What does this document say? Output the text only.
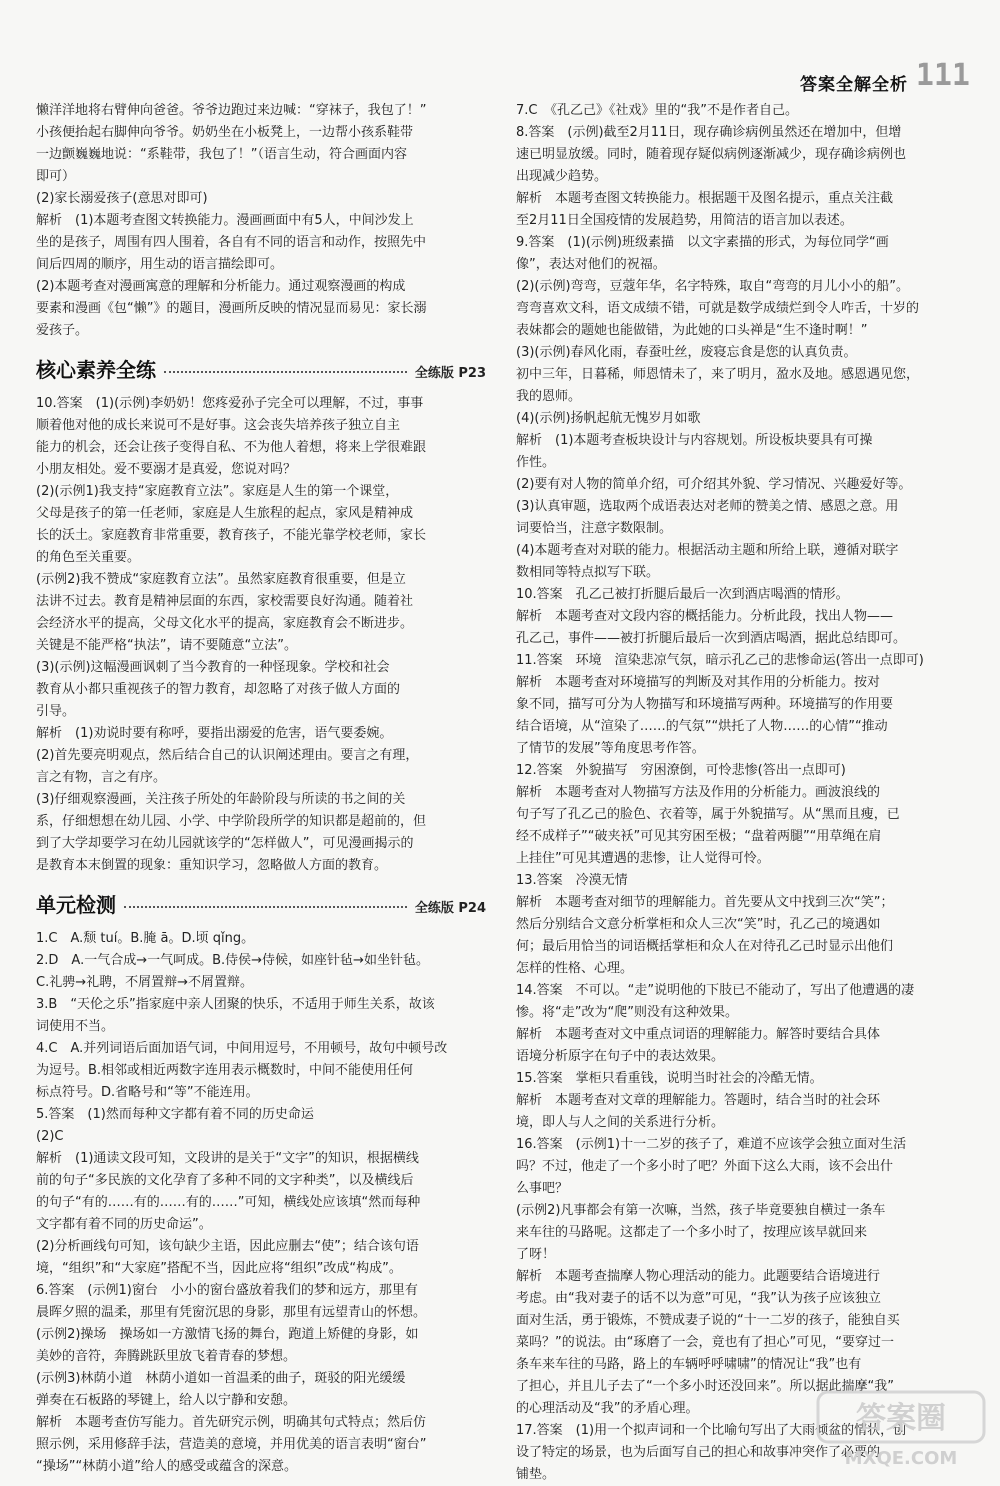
答案全解全析 111

懒洋洋地将右臂伸向爸爸。爷爷边跑过来边喊：“穿袜子，我包了！”

小孩便抬起右脚伸向爷爷。奶奶坐在小板凳上，一边帮小孩系鞋带

一边颤巍巍地说：“系鞋带，我包了！”（语言生动，符合画面内容

即可）

(2)家长溺爱孩子(意思对即可)

解析　(1)本题考查图文转换能力。漫画画面中有5人，中间沙发上

坐的是孩子，周围有四人围着，各自有不同的语言和动作，按照先中

间后四周的顺序，用生动的语言描绘即可。

(2)本题考查对漫画寓意的理解和分析能力。通过观察漫画的构成

要素和漫画《包“懒”》的题目，漫画所反映的情况显而易见：家长溺

爱孩子。

核心素养全练	全练版 P23

10.答案　(1)(示例)李奶奶！您疼爱孙子完全可以理解，不过，事事

顺着他对他的成长来说可不是好事。这会丧失培养孩子独立自主

能力的机会，还会让孩子变得自私、不为他人着想，将来上学很难跟

小朋友相处。爱不要溺才是真爱，您说对吗？

(2)(示例1)我支持“家庭教育立法”。家庭是人生的第一个课堂，

父母是孩子的第一任老师，家庭是人生旅程的起点，家风是精神成

长的沃土。家庭教育非常重要，教育孩子，不能光靠学校老师，家长

的角色至关重要。

(示例2)我不赞成“家庭教育立法”。虽然家庭教育很重要，但是立

法讲不过去。教育是精神层面的东西，家校需要良好沟通。随着社

会经济水平的提高，父母文化水平的提高，家庭教育会不断进步。

关键是不能严格“执法”，请不要随意“立法”。

(3)(示例)这幅漫画讽刺了当今教育的一种怪现象。学校和社会

教育从小都只重视孩子的智力教育，却忽略了对孩子做人方面的

引导。

解析　(1)劝说时要有称呼，要指出溺爱的危害，语气要委婉。

(2)首先要亮明观点，然后结合自己的认识阐述理由。要言之有理，

言之有物，言之有序。

(3)仔细观察漫画，关注孩子所处的年龄阶段与所读的书之间的关

系，仔细想想在幼儿园、小学、中学阶段所学的知识都是超前的，但

到了大学却要学习在幼儿园就该学的“怎样做人”，可见漫画揭示的

是教育本末倒置的现象：重知识学习，忽略做人方面的教育。

单元检测	全练版 P24

1.C　A.颓 tuí。B.腌 ā。D.顷 qǐng。

2.D　A.一气合成→一气呵成。B.侍侯→侍候，如座针毡→如坐针毡。

C.礼骋→礼聘，不屑置辩→不屑置辩。

3.B　“天伦之乐”指家庭中亲人团聚的快乐，不适用于师生关系，故该

词使用不当。

4.C　A.并列词语后面加语气词，中间用逗号，不用顿号，故句中顿号改

为逗号。B.相邻或相近两数字连用表示概数时，中间不能使用任何

标点符号。D.省略号和“等”不能连用。

5.答案　(1)然而每种文字都有着不同的历史命运

(2)C

解析　(1)通读文段可知，文段讲的是关于“文字”的知识，根据横线

前的句子“多民族的文化孕育了多种不同的文字种类”，以及横线后

的句子“有的……有的……有的……”可知，横线处应该填“然而每种

文字都有着不同的历史命运”。

(2)分析画线句可知，该句缺少主语，因此应删去“使”；结合该句语

境，“组织”和“大家庭”搭配不当，因此应将“组织”改成“构成”。

6.答案　(示例1)窗台　小小的窗台盛放着我们的梦和远方，那里有

晨晖夕照的温柔，那里有凭窗沉思的身影，那里有远望青山的怀想。

(示例2)操场　操场如一方激情飞扬的舞台，跑道上矫健的身影，如

美妙的音符，奔腾跳跃里放飞着青春的梦想。

(示例3)林荫小道　林荫小道如一首温柔的曲子，斑驳的阳光缓缓

弹奏在石板路的琴键上，给人以宁静和安憩。

解析　本题考查仿写能力。首先研究示例，明确其句式特点；然后仿

照示例，采用修辞手法，营造美的意境，并用优美的语言表明“窗台”

“操场”“林荫小道”给人的感受或蕴含的深意。

7.C　《孔乙己》《社戏》里的“我”不是作者自己。

8.答案　(示例)截至2月11日，现存确诊病例虽然还在增加中，但增

速已明显放缓。同时，随着现存疑似病例逐渐减少，现存确诊病例也

出现减少趋势。

解析　本题考查图文转换能力。根据题干及图名提示，重点关注截

至2月11日全国疫情的发展趋势，用简洁的语言加以表述。

9.答案　(1)(示例)班级素描　以文字素描的形式，为每位同学“画

像”，表达对他们的祝福。

(2)(示例)弯弯，豆蔻年华，名字特殊，取自“弯弯的月儿小小的船”。

弯弯喜欢文科，语文成绩不错，可就是数学成绩烂到令人咋舌，十岁的

表妹都会的题她也能做错，为此她的口头禅是“生不逢时啊！”

(3)(示例)春风化雨，春蚕吐丝，废寝忘食是您的认真负责。

初中三年，日暮稀，师恩情未了，来了明月，盈水及地。感恩遇见您，

我的恩师。

(4)(示例)扬帆起航无愧岁月如歌

解析　(1)本题考查板块设计与内容规划。所设板块要具有可操

作性。

(2)要有对人物的简单介绍，可介绍其外貌、学习情况、兴趣爱好等。

(3)认真审题，选取两个成语表达对老师的赞美之情、感恩之意。用

词要恰当，注意字数限制。

(4)本题考查对对联的能力。根据活动主题和所给上联，遵循对联字

数相同等特点拟写下联。

10.答案　孔乙己被打折腿后最后一次到酒店喝酒的情形。

解析　本题考查对文段内容的概括能力。分析此段，找出人物——

孔乙己，事件——被打折腿后最后一次到酒店喝酒，据此总结即可。

11.答案　环境　渲染悲凉气氛，暗示孔乙己的悲惨命运(答出一点即可)

解析　本题考查对环境描写的判断及对其作用的分析能力。按对

象不同，描写可分为人物描写和环境描写两种。环境描写的作用要

结合语境，从“渲染了……的气氛”“烘托了人物……的心情”“推动

了情节的发展”等角度思考作答。

12.答案　外貌描写　穷困潦倒，可怜悲惨(答出一点即可)

解析　本题考查对人物描写方法及作用的分析能力。画波浪线的

句子写了孔乙己的脸色、衣着等，属于外貌描写。从“黑而且瘦，已

经不成样子”“破夹袄”可见其穷困至极；“盘着两腿”“用草绳在肩

上挂住”可见其遭遇的悲惨，让人觉得可怜。

13.答案　冷漠无情

解析　本题考查对细节的理解能力。首先要从文中找到三次“笑”；

然后分别结合文意分析掌柜和众人三次“笑”时，孔乙己的境遇如

何；最后用恰当的词语概括掌柜和众人在对待孔乙己时显示出他们

怎样的性格、心理。

14.答案　不可以。“走”说明他的下肢已不能动了，写出了他遭遇的凄

惨。将“走”改为“爬”则没有这种效果。

解析　本题考查对文中重点词语的理解能力。解答时要结合具体

语境分析原字在句子中的表达效果。

15.答案　掌柜只看重钱，说明当时社会的冷酷无情。

解析　本题考查对文章的理解能力。答题时，结合当时的社会环

境，即人与人之间的关系进行分析。

16.答案　(示例1)十一二岁的孩子了，难道不应该学会独立面对生活

吗？不过，他走了一个多小时了吧？外面下这么大雨，该不会出什

么事吧？

(示例2)凡事都会有第一次嘛，当然，孩子毕竟要独自横过一条车

来车往的马路呢。这都走了一个多小时了，按理应该早就回来

了呀！

解析　本题考查揣摩人物心理活动的能力。此题要结合语境进行

考虑。由“我对妻子的话不以为意”可见，“我”认为孩子应该独立

面对生活，勇于锻炼，不赞成妻子说的“十一二岁的孩子，能独自买

菜吗？”的说法。由“琢磨了一会，竟也有了担心”可见，“要穿过一

条车来车往的马路，路上的车辆呼呼啸啸”的情况让“我”也有

了担心，并且儿子去了“一个多小时还没回来”。所以据此揣摩“我”

的心理活动及“我”的矛盾心理。

17.答案　(1)用一个拟声词和一个比喻句写出了大雨倾盆的情状，创

设了特定的场景，也为后面写自己的担心和故事冲突作了必要的

铺垫。

答案圈
MXQE.COM
